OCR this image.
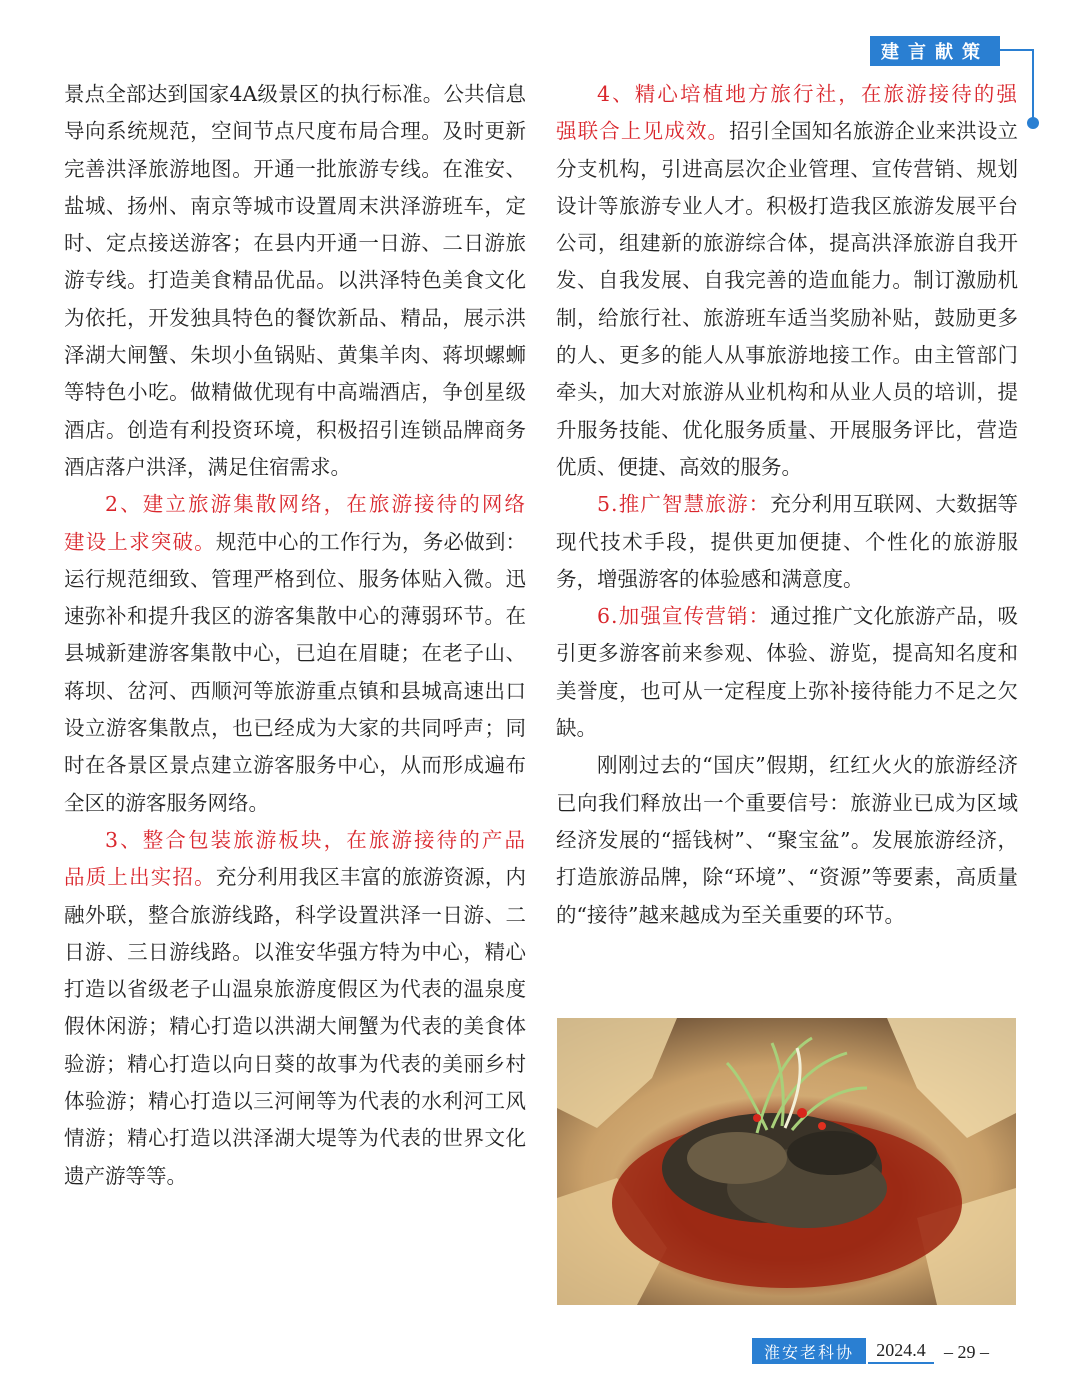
建言献策

景点全部达到国家4A级景区的执行标准。公共信息导向系统规范，空间节点尺度布局合理。及时更新完善洪泽旅游地图。开通一批旅游专线。在淮安、盐城、扬州、南京等城市设置周末洪泽游班车，定时、定点接送游客；在县内开通一日游、二日游旅游专线。打造美食精品优品。以洪泽特色美食文化为依托，开发独具特色的餐饮新品、精品，展示洪泽湖大闸蟹、朱坝小鱼锅贴、黄集羊肉、蒋坝螺蛳等特色小吃。做精做优现有中高端酒店，争创星级酒店。创造有利投资环境，积极招引连锁品牌商务酒店落户洪泽，满足住宿需求。

2、建立旅游集散网络，在旅游接待的网络建设上求突破。规范中心的工作行为，务必做到：运行规范细致、管理严格到位、服务体贴入微。迅速弥补和提升我区的游客集散中心的薄弱环节。在县城新建游客集散中心，已迫在眉睫；在老子山、蒋坝、岔河、西顺河等旅游重点镇和县城高速出口设立游客集散点，也已经成为大家的共同呼声；同时在各景区景点建立游客服务中心，从而形成遍布全区的游客服务网络。

3、整合包装旅游板块，在旅游接待的产品品质上出实招。充分利用我区丰富的旅游资源，内融外联，整合旅游线路，科学设置洪泽一日游、二日游、三日游线路。以淮安华强方特为中心，精心打造以省级老子山温泉旅游度假区为代表的温泉度假休闲游；精心打造以洪湖大闸蟹为代表的美食体验游；精心打造以向日葵的故事为代表的美丽乡村体验游；精心打造以三河闸等为代表的水利河工风情游；精心打造以洪泽湖大堤等为代表的世界文化遗产游等等。

4、精心培植地方旅行社，在旅游接待的强强联合上见成效。招引全国知名旅游企业来洪设立分支机构，引进高层次企业管理、宣传营销、规划设计等旅游专业人才。积极打造我区旅游发展平台公司，组建新的旅游综合体，提高洪泽旅游自我开发、自我发展、自我完善的造血能力。制订激励机制，给旅行社、旅游班车适当奖励补贴，鼓励更多的人、更多的能人从事旅游地接工作。由主管部门牵头，加大对旅游从业机构和从业人员的培训，提升服务技能、优化服务质量、开展服务评比，营造优质、便捷、高效的服务。

5.推广智慧旅游：充分利用互联网、大数据等现代技术手段，提供更加便捷、个性化的旅游服务，增强游客的体验感和满意度。

6.加强宣传营销：通过推广文化旅游产品，吸引更多游客前来参观、体验、游览，提高知名度和美誉度，也可从一定程度上弥补接待能力不足之欠缺。

刚刚过去的“国庆”假期，红红火火的旅游经济已向我们释放出一个重要信号：旅游业已成为区域经济发展的“摇钱树”、“聚宝盆”。发展旅游经济，打造旅游品牌，除“环境”、“资源”等要素，高质量的“接待”越来越成为至关重要的环节。

淮安老科协	2024.4	– 29 –
